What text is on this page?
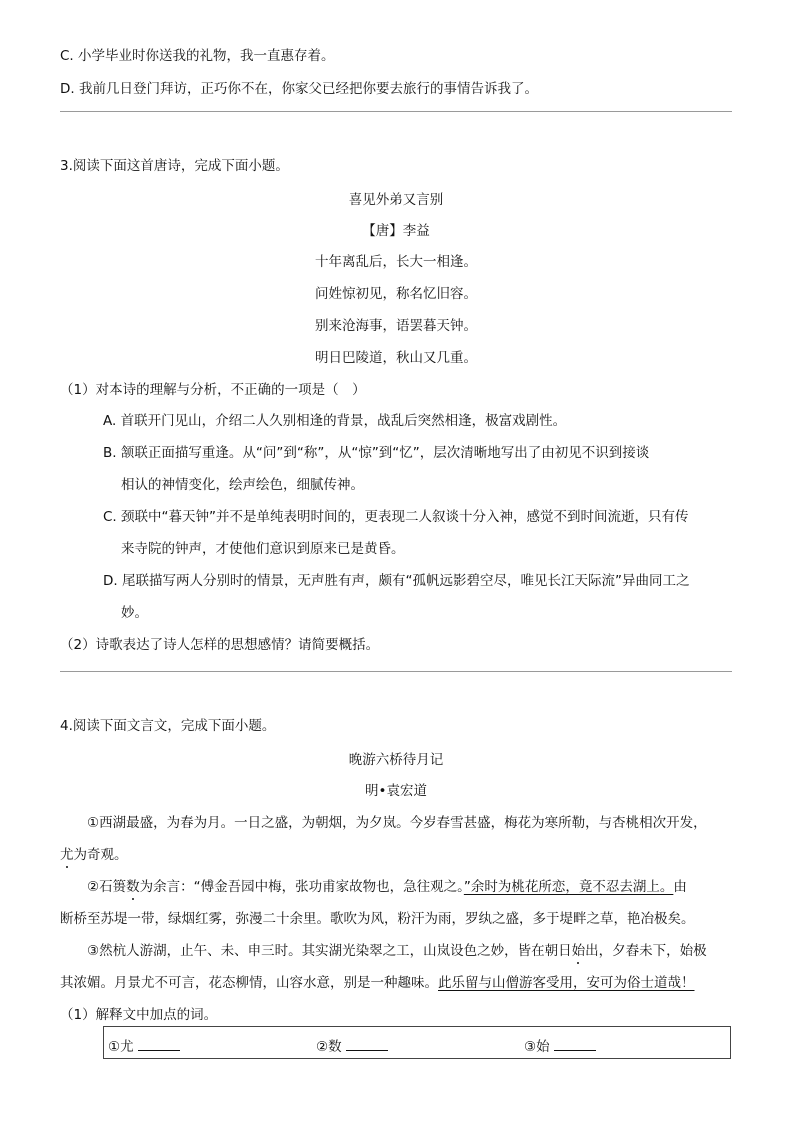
C. 小学毕业时你送我的礼物，我一直惠存着。
D. 我前几日登门拜访，正巧你不在，你家父已经把你要去旅行的事情告诉我了。
3.阅读下面这首唐诗，完成下面小题。
喜见外弟又言别
【唐】李益
十年离乱后，长大一相逢。
问姓惊初见，称名忆旧容。
别来沧海事，语罢暮天钟。
明日巴陵道，秋山又几重。
（1）对本诗的理解与分析，不正确的一项是（　）
A. 首联开门见山，介绍二人久别相逢的背景，战乱后突然相逢，极富戏剧性。
B. 颔联正面描写重逢。从“问”到“称”，从“惊”到“忆”，层次清晰地写出了由初见不识到接谈
相认的神情变化，绘声绘色，细腻传神。
C. 颈联中“暮天钟”并不是单纯表明时间的，更表现二人叙谈十分入神，感觉不到时间流逝，只有传
来寺院的钟声，才使他们意识到原来已是黄昏。
D. 尾联描写两人分别时的情景，无声胜有声，颇有“孤帆远影碧空尽，唯见长江天际流”异曲同工之
妙。
（2）诗歌表达了诗人怎样的思想感情？请简要概括。
4.阅读下面文言文，完成下面小题。
晚游六桥待月记
明•袁宏道
①西湖最盛，为春为月。一日之盛，为朝烟，为夕岚。今岁春雪甚盛，梅花为寒所勒，与杏桃相次开发，
尤为奇观。
②石篑数为余言：“傅金吾园中梅，张功甫家故物也，急往观之。”余时为桃花所恋，竟不忍去湖上。由
断桥至苏堤一带，绿烟红雾，弥漫二十余里。歌吹为风，粉汗为雨，罗纨之盛，多于堤畔之草，艳冶极矣。
③然杭人游湖，止午、未、申三时。其实湖光染翠之工，山岚设色之妙，皆在朝日始出，夕舂未下，始极
其浓媚。月景尤不可言，花态柳情，山容水意，别是一种趣味。此乐留与山僧游客受用，安可为俗士道哉！
（1）解释文中加点的词。
①尤	②数	③始
